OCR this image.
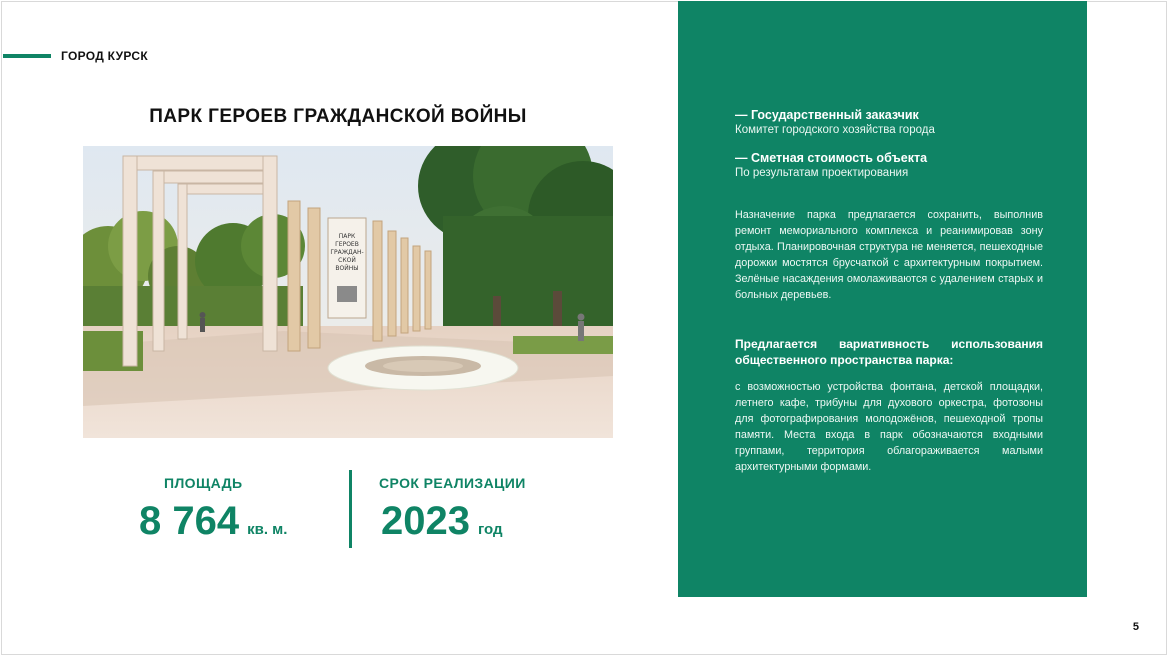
ГОРОД КУРСК
ПАРК ГЕРОЕВ ГРАЖДАНСКОЙ ВОЙНЫ
ПАРК
ГЕРОЕВ
ГРАЖДАН-
СКОЙ
ВОЙНЫ
ПЛОЩАДЬ
8 764 кв. м.
СРОК РЕАЛИЗАЦИИ
2023 год
— Государственный заказчик
Комитет городского хозяйства города
— Сметная стоимость объекта
По результатам проектирования
Назначение парка предлагается сохранить, выполнив ремонт мемориального комплекса и реанимировав зону отдыха. Планировочная структура не меняется, пешеходные дорожки мостятся брусчаткой с архитектурным покрытием. Зелёные насаждения омолаживаются с удалением старых и больных деревьев.
Предлагается вариативность использования общественного пространства парка:
с возможностью устройства фонтана, детской площадки, летнего кафе, трибуны для духового оркестра, фотозоны для фотографирования молодожёнов, пешеходной тропы памяти. Места входа в парк обозначаются входными группами, территория облагораживается малыми архитектурными формами.
5
